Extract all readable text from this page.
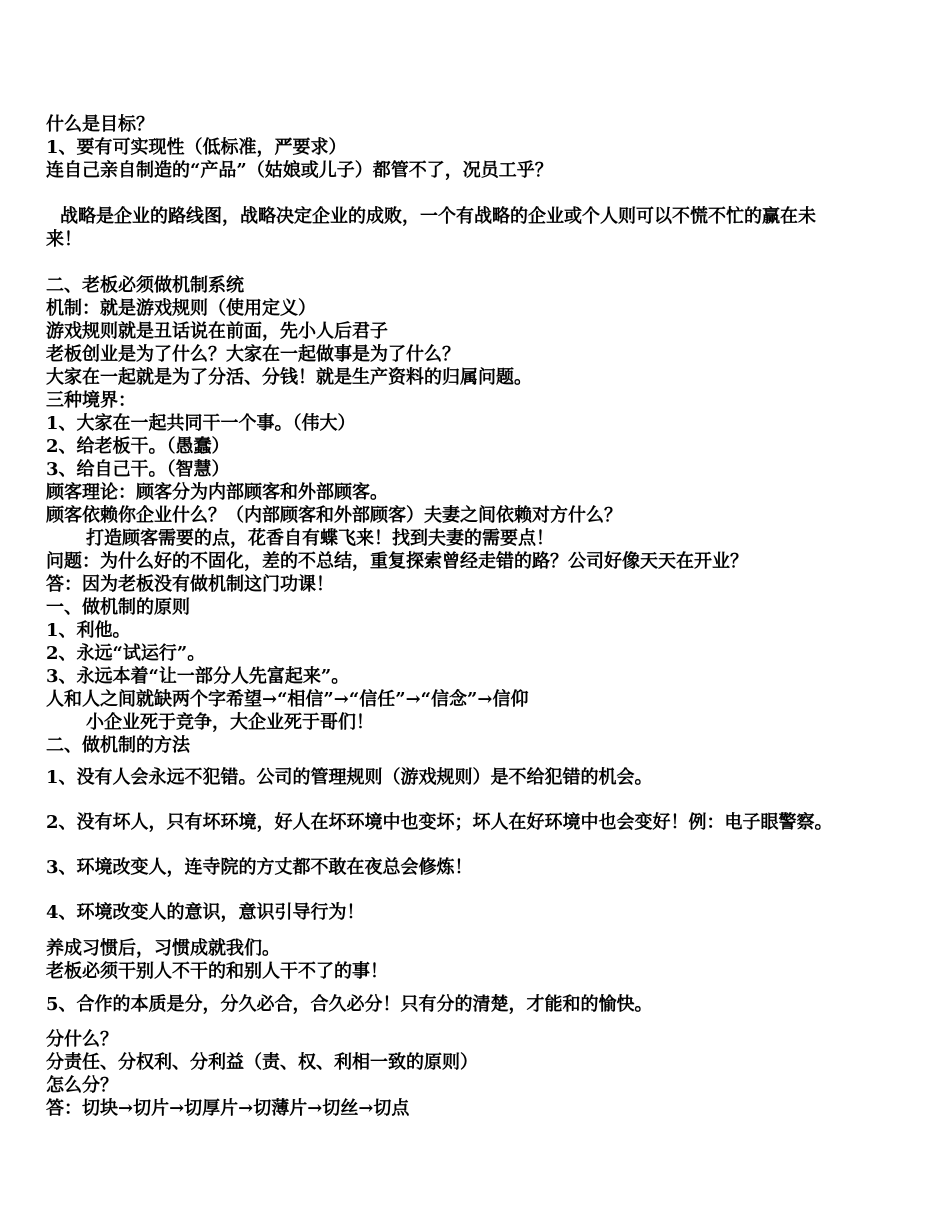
什么是目标？
1、要有可实现性（低标准，严要求）
连自己亲自制造的“产品”（姑娘或儿子）都管不了，况员工乎？
战略是企业的路线图，战略决定企业的成败，一个有战略的企业或个人则可以不慌不忙的赢在未
来！
二、老板必须做机制系统
机制：就是游戏规则（使用定义）
游戏规则就是丑话说在前面，先小人后君子
老板创业是为了什么？大家在一起做事是为了什么？
大家在一起就是为了分活、分钱！就是生产资料的归属问题。
三种境界：
1、大家在一起共同干一个事。（伟大）
2、给老板干。（愚蠢）
3、给自己干。（智慧）
顾客理论：顾客分为内部顾客和外部顾客。
顾客依赖你企业什么？（内部顾客和外部顾客）夫妻之间依赖对方什么？
打造顾客需要的点，花香自有蝶飞来！找到夫妻的需要点！
问题：为什么好的不固化，差的不总结，重复探索曾经走错的路？公司好像天天在开业？
答：因为老板没有做机制这门功课！
一、做机制的原则
1、利他。
2、永远“试运行”。
3、永远本着“让一部分人先富起来”。
人和人之间就缺两个字希望→“相信”→“信任”→“信念”→信仰
小企业死于竞争，大企业死于哥们！
二、做机制的方法
1、没有人会永远不犯错。公司的管理规则（游戏规则）是不给犯错的机会。
2、没有坏人，只有坏环境，好人在坏环境中也变坏；坏人在好环境中也会变好！例：电子眼警察。
3、环境改变人，连寺院的方丈都不敢在夜总会修炼！
4、环境改变人的意识，意识引导行为！
养成习惯后，习惯成就我们。
老板必须干别人不干的和别人干不了的事！
5、合作的本质是分，分久必合，合久必分！只有分的清楚，才能和的愉快。
分什么？
分责任、分权利、分利益（责、权、利相一致的原则）
怎么分？
答：切块→切片→切厚片→切薄片→切丝→切点
